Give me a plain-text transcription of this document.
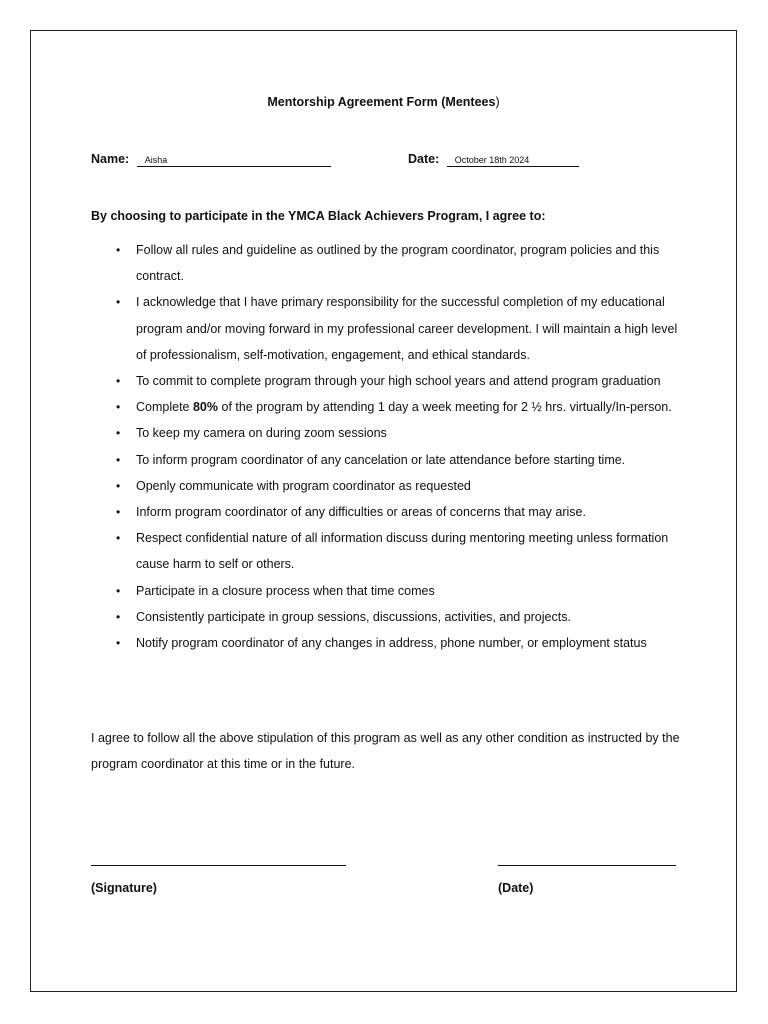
Mentorship Agreement Form (Mentees)
Name: Aisha	Date: October 18th 2024
By choosing to participate in the YMCA Black Achievers Program, I agree to:
• Follow all rules and guideline as outlined by the program coordinator, program policies and this contract.
• I acknowledge that I have primary responsibility for the successful completion of my educational program and/or moving forward in my professional career development. I will maintain a high level of professionalism, self-motivation, engagement, and ethical standards.
• To commit to complete program through your high school years and attend program graduation
• Complete 80% of the program by attending 1 day a week meeting for 2 ½ hrs. virtually/In-person.
• To keep my camera on during zoom sessions
• To inform program coordinator of any cancelation or late attendance before starting time.
• Openly communicate with program coordinator as requested
• Inform program coordinator of any difficulties or areas of concerns that may arise.
• Respect confidential nature of all information discuss during mentoring meeting unless formation cause harm to self or others.
• Participate in a closure process when that time comes
• Consistently participate in group sessions, discussions, activities, and projects.
• Notify program coordinator of any changes in address, phone number, or employment status
I agree to follow all the above stipulation of this program as well as any other condition as instructed by the program coordinator at this time or in the future.
(Signature)	(Date)
